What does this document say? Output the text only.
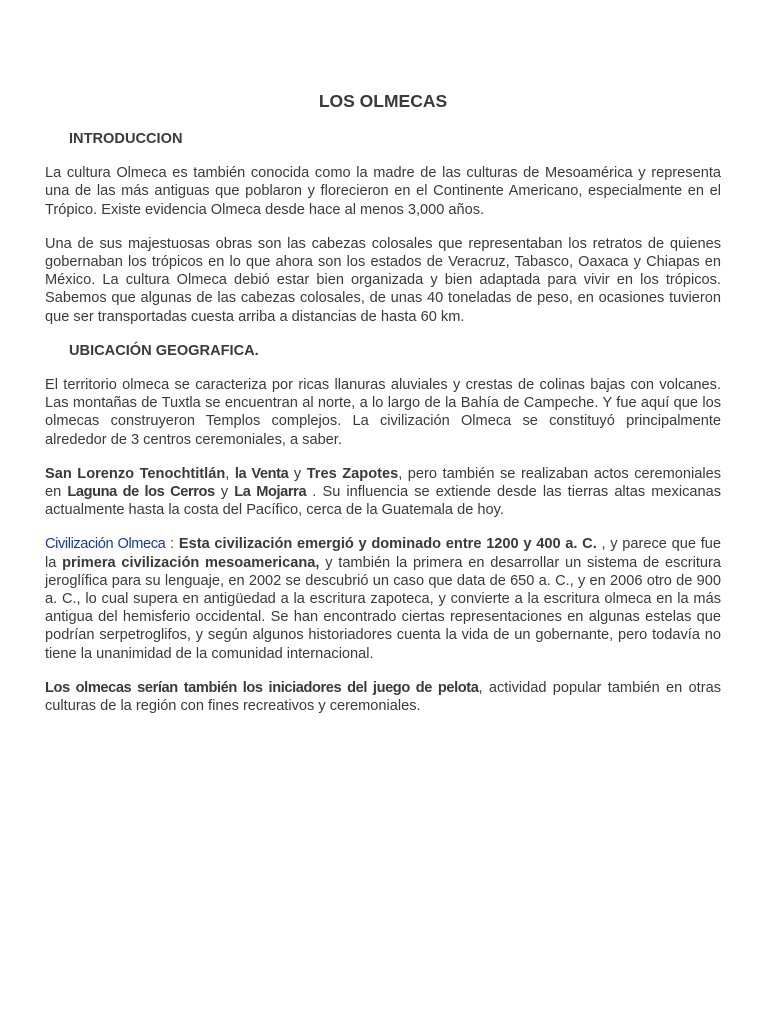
LOS OLMECAS
INTRODUCCION

La cultura Olmeca es también conocida como la madre de las culturas de Mesoamérica y representa una de las más antiguas que poblaron y florecieron en el Continente Americano, especialmente en el Trópico. Existe evidencia Olmeca desde hace al menos 3,000 años.

Una de sus majestuosas obras son las cabezas colosales que representaban los retratos de quienes gobernaban los trópicos en lo que ahora son los estados de Veracruz, Tabasco, Oaxaca y Chiapas en México. La cultura Olmeca debió estar bien organizada y bien adaptada para vivir en los trópicos. Sabemos que algunas de las cabezas colosales, de unas 40 toneladas de peso, en ocasiones tuvieron que ser transportadas cuesta arriba a distancias de hasta 60 km.

UBICACIÓN GEOGRAFICA.

El territorio olmeca se caracteriza por ricas llanuras aluviales y crestas de colinas bajas con volcanes. Las montañas de Tuxtla se encuentran al norte, a lo largo de la Bahía de Campeche. Y fue aquí que los olmecas construyeron Templos complejos. La civilización Olmeca se constituyó principalmente alrededor de 3 centros ceremoniales, a saber.

San Lorenzo Tenochtitlán, la Venta y Tres Zapotes, pero también se realizaban actos ceremoniales en Laguna de los Cerros y La Mojarra . Su influencia se extiende desde las tierras altas mexicanas actualmente hasta la costa del Pacífico, cerca de la Guatemala de hoy.

Civilización Olmeca : Esta civilización emergió y dominado entre 1200 y 400 a. C. , y parece que fue la primera civilización mesoamericana, y también la primera en desarrollar un sistema de escritura jeroglífica para su lenguaje, en 2002 se descubrió un caso que data de 650 a. C., y en 2006 otro de 900 a. C., lo cual supera en antigüedad a la escritura zapoteca, y convierte a la escritura olmeca en la más antigua del hemisferio occidental. Se han encontrado ciertas representaciones en algunas estelas que podrían serpetroglifos, y según algunos historiadores cuenta la vida de un gobernante, pero todavía no tiene la unanimidad de la comunidad internacional.

Los olmecas serían también los iniciadores del juego de pelota, actividad popular también en otras culturas de la región con fines recreativos y ceremoniales.
